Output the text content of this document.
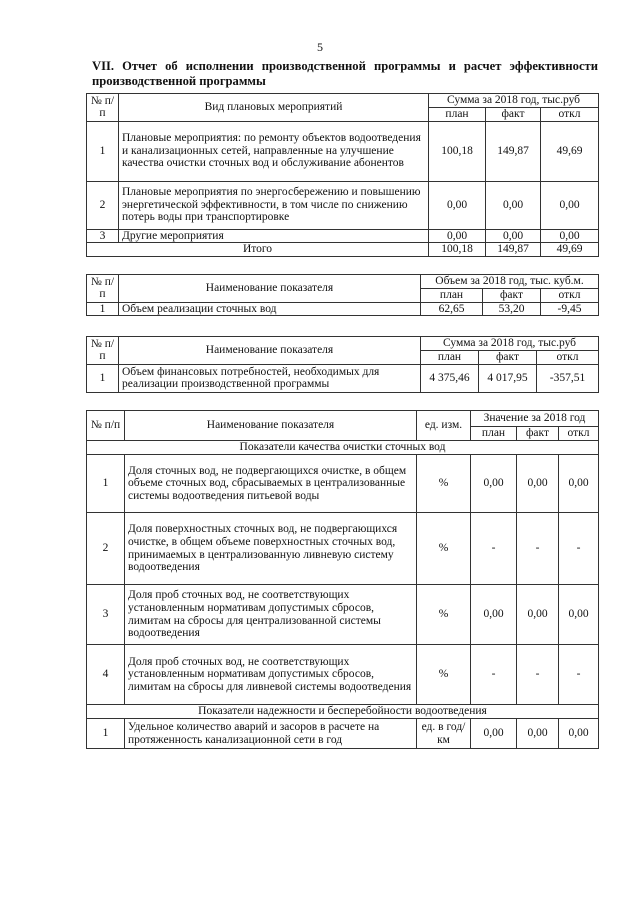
5
VII. Отчет об исполнении производственной программы и расчет эффективности производственной программы
№ п/п	Вид плановых мероприятий	Сумма за 2018 год, тыс.руб		
		план	факт	откл
1	Плановые мероприятия: по ремонту объектов водоотведения и канализационных сетей, направленные на улучшение качества очистки сточных вод и обслуживание абонентов	100,18	149,87	49,69
2	Плановые мероприятия по энергосбережению и повышению энергетической эффективности, в том числе по снижению потерь воды при транспортировке	0,00	0,00	0,00
3	Другие мероприятия	0,00	0,00	0,00
Итого		100,18	149,87	49,69
№ п/п	Наименование показателя	Объем за 2018 год, тыс. куб.м.		
		план	факт	откл
1	Объем реализации сточных вод	62,65	53,20	-9,45
№ п/п	Наименование показателя	Сумма за 2018 год, тыс.руб		
		план	факт	откл
1	Объем финансовых потребностей, необходимых для реализации производственной программы	4 375,46	4 017,95	-357,51
№ п/п	Наименование показателя	ед. изм.	Значение за 2018 год		
			план	факт	откл
Показатели качества очистки сточных вод					
1	Доля сточных вод, не подвергающихся очистке, в общем объеме сточных вод, сбрасываемых в централизованные системы водоотведения питьевой воды	%	0,00	0,00	0,00
2	Доля поверхностных сточных вод, не подвергающихся очистке, в общем объеме поверхностных сточных вод, принимаемых в централизованную ливневую систему водоотведения	%	-	-	-
3	Доля проб сточных вод, не соответствующих установленным нормативам допустимых сбросов, лимитам на сбросы для централизованной системы водоотведения	%	0,00	0,00	0,00
4	Доля проб сточных вод, не соответствующих установленным нормативам допустимых сбросов, лимитам на сбросы для ливневой системы водоотведения	%	-	-	-
Показатели надежности и бесперебойности водоотведения					
1	Удельное количество аварий и засоров в расчете на протяженность канализационной сети в год	ед. в год/ км	0,00	0,00	0,00
